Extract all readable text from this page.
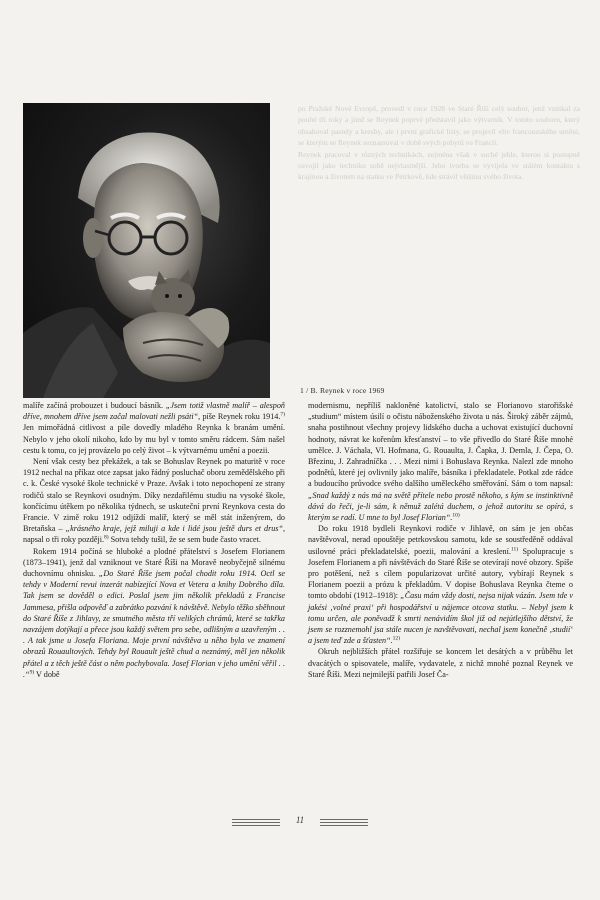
po Pražské Nové Evropě, provedl v roce 1928 ve Staré Říši celý soubor, jenž vznikal za pouhé tři roky a jímž se Reynek poprvé představil jako výtvarník. V tomto souboru, který obsahoval pastely a kresby, ale i první grafické listy, se projevil vliv francouzského umění, se kterým se Reynek seznamoval v době svých pobytů ve Francii.

Reynek pracoval v různých technikách, zejména však v suché jehle, kterou si postupně osvojil jako techniku sobě nejvlastnější. Jeho tvorba se vyvíjela ve stálém kontaktu s krajinou a životem na statku ve Petrkově, kde strávil většinu svého života.

1 / B. Reynek v roce 1969

malíře začíná probouzet i budoucí básník. „Jsem totiž vlastně malíř – alespoň dříve, mnohem dříve jsem začal malovati nežli psáti“, píše Reynek roku 1914.$^{7)}$ Jen mimořádná citlivost a píle dovedly mladého Reynka k branám umění. Nebylo v jeho okolí nikoho, kdo by mu byl v tomto směru rádcem. Sám našel cestu k tomu, co jej provázelo po celý život – k výtvarnému umění a poezii.

Není však cesty bez překážek, a tak se Bohuslav Reynek po maturitě v roce 1912 nechal na příkaz otce zapsat jako řádný posluchač oboru zemědělského při c. k. České vysoké škole technické v Praze. Avšak i toto nepochopení ze strany rodičů stalo se Reynkovi osudným. Díky nezdařilému studiu na vysoké škole, končícímu útěkem po několika týdnech, se uskuteční první Reynkova cesta do Francie. V zimě roku 1912 odjíždí malíř, který se měl stát inženýrem, do Bretaňska – „krásného kraje, jejž miluji a kde i lidé jsou ještě durs et drus“, napsal o tři roky později.$^{8)}$ Sotva tehdy tušil, že se sem bude často vracet.

Rokem 1914 počíná se hluboké a plodné přátelství s Josefem Florianem (1873–1941), jenž dal vzniknout ve Staré Říši na Moravě neobyčejně silnému duchovnímu ohnisku. „Do Staré Říše jsem počal chodit roku 1914. Octl se tehdy v Moderní revui inzerát nabízející Nova et Vetera a knihy Dobrého díla. Tak jsem se dověděl o edici. Poslal jsem jim několik překladů z Francise Jammesa, přišla odpověď a zabrátko pozvání k návštěvě. Nebylo těžko sběhnout do Staré Říše z Jihlavy, ze smutného města tří velikých chrámů, které se takřka navzájem dotýkají a přece jsou každý světem pro sebe, odlišným a uzavřeným . . . A tak jsme u Josefa Floriana. Moje první návštěva u něho byla ve znamení obrazů Rouaultových. Tehdy byl Rouault ještě chud a neznámý, měl jen několik přátel a z těch ještě část o něm pochybovala. Josef Florian v jeho umění věřil . . .“$^{9)}$ V době

modernismu, nepříliš nakloněné katolictví, stalo se Florianovo starořišské „studium“ místem úsilí o očistu náboženského života u nás. Široký záběr zájmů, snaha postihnout všechny projevy lidského ducha a uchovat existující duchovní hodnoty, návrat ke kořenům křesťanství – to vše přivedlo do Staré Říše mnohé umělce. J. Váchala, Vl. Hofmana, G. Rouaulta, J. Čapka, J. Demla, J. Čepa, O. Březinu, J. Zahradníčka . . . Mezi nimi i Bohuslava Reynka. Nalezl zde mnoho podnětů, které jej ovlivnily jako malíře, básníka i překladatele. Potkal zde rádce a budoucího průvodce svého dalšího uměleckého směřování. Sám o tom napsal: „Snad každý z nás má na světě přítele nebo prostě někoho, s kým se instinktivně dává do řeči, je-li sám, k němuž zalétá duchem, o jehož autoritu se opírá, s kterým se radí. U mne to byl Josef Florian“.$^{10)}$

Do roku 1918 bydleli Reynkovi rodiče v Jihlavě, on sám je jen občas navštěvoval, nerad opouštěje petrkovskou samotu, kde se soustředěně oddával usilovné práci překladatelské, poezii, malování a kreslení.$^{11)}$ Spolupracuje s Josefem Florianem a při návštěvách do Staré Říše se otevírají nové obzory. Spíše pro potěšení, než s cílem popularizovat určité autory, vybírají Reynek s Florianem poezii a prózu k překladům. V dopise Bohuslava Reynka čteme o tomto období (1912–1918): „Času mám vždy dosti, nejsa nijak vázán. Jsem tde v jakési ‚volné praxi‘ při hospodářství u nájemce otcova statku. – Nebyl jsem k tomu určen, ale poněvadž k smrti nenávidím škol již od nejútlejšího dětství, že jsem se rozznemohl jsa stále nucen je navštěvovati, nechal jsem konečně ‚studií‘ a jsem teď zde a šťasten“.$^{12)}$

Okruh nejbližších přátel rozšiřuje se koncem let desátých a v průběhu let dvacátých o spisovatele, malíře, vydavatele, z nichž mnohé poznal Reynek ve Staré Říši. Mezi nejmilejší patřili Josef Ča-

11
